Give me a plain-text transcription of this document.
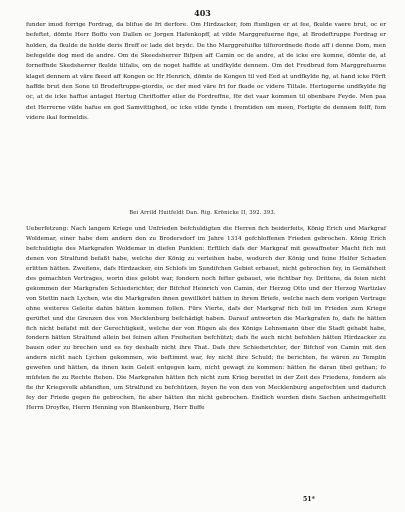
403

funder imod forrige Fordrag, da blifue de fri derfore. Om Hirdzacker, fom ftunligen er at fee, fkulde vaere brut, oc er befeftet, dömte Herr Boffo von Dallen oc Jorgen Hafenkopff, at vilde Marggrefuerne fige, at Brodeftruppe Fordrag er holden, da fkulde de holde deris Breff oc lade det brydc. De tho Marggrefuifke tilforordnede ftode aff i denne Dom, men befegelde dog med de andre. Om de Skeedsherrer Bifpen aff Camin oc de andre, at de icke ere komne, dömte de, at forneffnde Skedsherrer fkulde tilfalis, om de noget haffde at undfkylde dennem. Om det Fredbrud fom Marggrefuerne klaget dennem at väre fkeed aff Kongen oc Hr Henrich, dömte de Kongen til ved Eed at undfkylde fig, at hand icke Förft haffde brut den Sone til Brodeftruppe-giordis, oc der med väre fri for fkade oc videre Tiltale. Hertugerne undfkylde fig oc, at de icke haffue antaget Hertug Chriftoffer eller de Fordreffne, för det vaar kommen til obenbare Feyde. Men paa det Herrerne vilde hafue en god Samvittighed, oc icke vilde fynde i fremtiden om meen, Forligte de dennem felff, fom videre ikal formeldis.

Bei Arrild Huitfeldt Dan. Rig. Krönicke II, 392. 393.

Ueberfetzung: Nach langem Kriege und Unfrieden befchuldigten die Herren fich beiderfeits, König Erich und Markgraf Woldemar, einer habe dem andern den zu Brodersdorf im Jahre 1314 gefchloffenen Frieden gebrochen. König Erich befchuldigte des Markgrafen Woldemar in diefen Punkten: Erftlich dafs der Markgraf mit gewaffneter Macht fich mit denen von Stralfund befaßt habe, welche der König zu verleihen habe, wodurch der König und feine Helfer Schaden erlitten hätten. Zweitens, dafs Hirdzacker, ein Schlofs im Sundifchen Gebiet erbauet, nicht gebrochen fey, in Gemäfsheit des gemachten Vertrages, worin dies gelobt war, fondern noch fefter gebauet, wie fichtbar fey. Drittens, da feien nicht gekommen der Markgrafen Schiedsrichter, der Bifchof Heinrich von Camin, der Herzog Otto und der Herzog Wartizlav von Stettin nach Lychen, wie die Markgrafen ihnen gewillkört hätten in ihrem Briefe, welche nach dem vorigen Vertrage ohne weiteres Geleite dahin hätten kommen follen. Fürs Vierte, dafs der Markgraf fich foll im Frieden zum Kriege gerüftet und die Grenzen des von Mecklenburg befchädigt haben. Darauf antworten die Markgrafen fo, dafs fie hätten fich nicht befafst mit der Gerechtigkeit, welche der von Rügen als des Königs Lehnsmann über die Stadt gehabt habe, fondern hätten Stralfund allein bei feinen alten Freiheiten befchützt; dafs fie auch nicht befohlen hätten Hirdzacker zu bauen oder zu brechen und es fey deshalb nicht ihre That. Dafs ihre Schiedsrichter, der Bifchof von Camin mit den andern nicht nach Lychen gekommen, wie beftimmt war, fey nicht ihre Schuld; fie berichten, fie wären zu Templin gewefen und hätten, da ihnen kein Geleit entgegen kam, nicht gewagt zu kommen: hätten fie daran übel gethan; fo müfsten fie zu Rechte ftehen. Die Markgrafen hätten fich nicht zum Krieg bereitet in der Zeit des Friedens, fondern als fie ihr Kriegsvolk abfandten, um Stralfund zu befchützen, feyen fie von den von Mecklenburg angefochten und dadurch fey der Friede gegen fie gebrochen, fie aber hätten ihn nicht gebrochen. Endlich wurden diefe Sachen anheimgeftellt Herrn Droyfke, Herrn Henning von Blankenburg, Herr Buffe

51*
